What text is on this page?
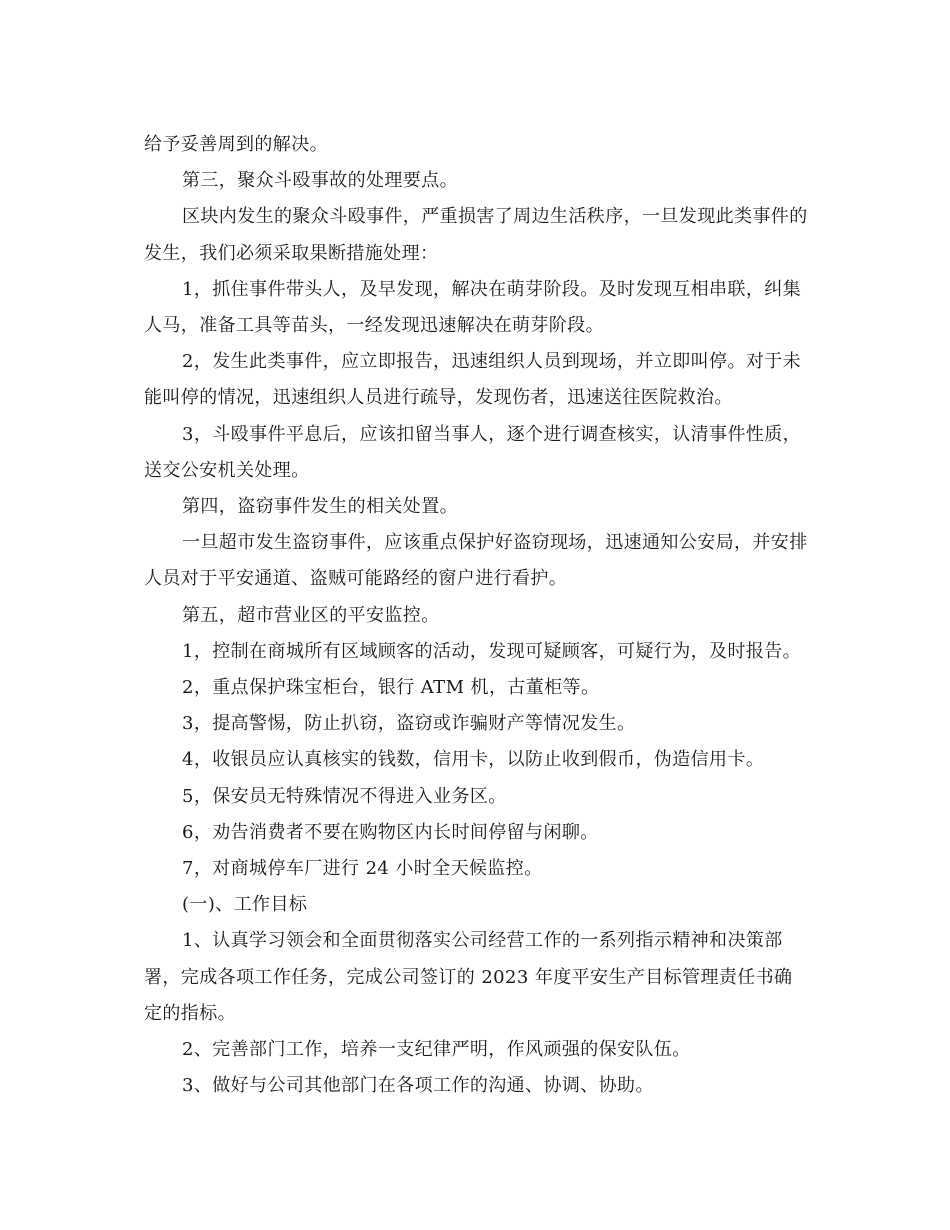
给予妥善周到的解决。

第三，聚众斗殴事故的处理要点。

区块内发生的聚众斗殴事件，严重损害了周边生活秩序，一旦发现此类事件的发生，我们必须采取果断措施处理：

1，抓住事件带头人，及早发现，解决在萌芽阶段。及时发现互相串联，纠集人马，准备工具等苗头，一经发现迅速解决在萌芽阶段。

2，发生此类事件，应立即报告，迅速组织人员到现场，并立即叫停。对于未能叫停的情况，迅速组织人员进行疏导，发现伤者，迅速送往医院救治。

3，斗殴事件平息后，应该扣留当事人，逐个进行调查核实，认清事件性质，送交公安机关处理。

第四，盗窃事件发生的相关处置。

一旦超市发生盗窃事件，应该重点保护好盗窃现场，迅速通知公安局，并安排人员对于平安通道、盗贼可能路经的窗户进行看护。

第五，超市营业区的平安监控。

1，控制在商城所有区域顾客的活动，发现可疑顾客，可疑行为，及时报告。

2，重点保护珠宝柜台，银行 ATM 机，古董柜等。

3，提高警惕，防止扒窃，盗窃或诈骗财产等情况发生。

4，收银员应认真核实的钱数，信用卡，以防止收到假币，伪造信用卡。

5，保安员无特殊情况不得进入业务区。

6，劝告消费者不要在购物区内长时间停留与闲聊。

7，对商城停车厂进行 24 小时全天候监控。

(一)、工作目标

1、认真学习领会和全面贯彻落实公司经营工作的一系列指示精神和决策部署，完成各项工作任务，完成公司签订的 2023 年度平安生产目标管理责任书确定的指标。

2、完善部门工作，培养一支纪律严明，作风顽强的保安队伍。

3、做好与公司其他部门在各项工作的沟通、协调、协助。
